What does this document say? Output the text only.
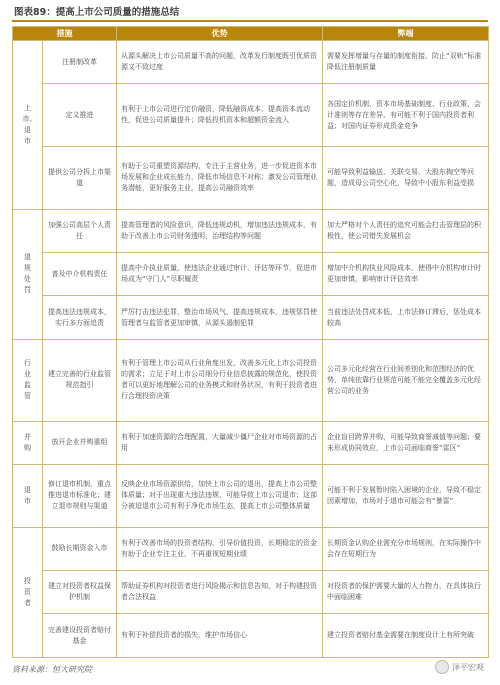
图表89：提高上市公司质量的措施总结
措施		优势	弊端
上市、退市	注册制改革	从源头解决上市公司质量不高的问题，改革发行制度既引优质资源又不致过度	需要发挥增量与存量的制度衔接，防止“双轨”标准降低注册制质量
	定义推进	有利于上市公司进行定价融资，降低融资成本，提高资本流动性，促进公司质量提升；降低投机资本和超额资金流入	各国定价机制、资本市场基础制度、行业政策、会计准则等存在差异，有可能不利于国内投资者利益；对国内证券形成资金竞争
	提供公司分拆上市渠道	有助于公司重塑资源结构，专注于主营业务，进一步促进资本市场发展和企业成长能力，降低市场信息不对称；激发公司管理业务潜能，更好服务主业，提高公司融资效率	可能导致利益输送、关联交易、大股东掏空等问题，造成母公司空心化，导致中小股东利益受损
退规处罚	加强公司高层个人责任	提高管理者的风险意识，降低违规动机，增加违法违规成本，有助于改善上市公司财务透明、治理结构等问题	加大严格对个人责任的追究可能会打击管理层的积极性，使公司错失发展机会
	普及中介机构责任	提高中介执业质量，使违法企业通过审计、评估等环节，促进市场成为“守门人”尽职履责	增加中介机构执业风险成本，使得中介机构审计时更加审慎，影响审计评估效率
	提高违法违规成本，实行多方面追责	严厉打击违法犯罪，整治市场风气，提高违规成本，违规惩罚使管理者与监管者更加审慎，从源头遏制犯罪	当前违法处罚成本低，上市法修订滞后，惩处成本较高
行业监管	建立完善的行业监管规范指引	有利于管理上市公司从行业角度出发，改善多元化上市公司投资的需求；立足于对上市公司细分行业信息披露的规范化，使投资者可以更好地理解公司的业务模式和财务状况，有利于投资者进行合理投资决策	公司多元化经营在行业间差别化和范围经济的优势，单纯依靠行业规范可能不能完全覆盖多元化经营公司的业务
并购	放开企业并购重组	有利于加速资源的合理配置，大量减少僵尸企业对市场资源的占用	企业盲目跨界并购，可能导致商誉减值等问题；要未形成协同效应，上市公司面临商誉“雷区”
退市	修订退市机制，重点推进退市标准化；建立退市规则与渠道	反映企业市场资源供给，加快上市公司的退出，提高上市公司整体质量；对于出现重大违法违规，可能导致上市公司退市；这部分被迫退市公司有利于净化市场生态，提高上市公司整体质量	可能不利于发展暂时陷入困境的企业，导致不稳定因素增加，市场对于退市可能会有“暴雷”
投资者	鼓励长期资金入市	有利于改善市场的投资者结构，引导价值投资，长期稳定的资金有助于企业专注主业，不再重视短期业绩	长期资金认购企业需充分市场规则，在实际操作中会存在短期行为
	建立对投资者权益保护机制	帮助证券机构对投资者进行风险揭示和信息告知，对于构建投资者合法权益	对投资者的保护需要大量的人力物力，在具体执行中面临困难
	完善建设投资者赔付基金	有利于补偿投资者的损失，维护市场信心	建立投资者赔付基金需要在制度设计上有所突破
资料来源：恒大研究院	泽平宏观
